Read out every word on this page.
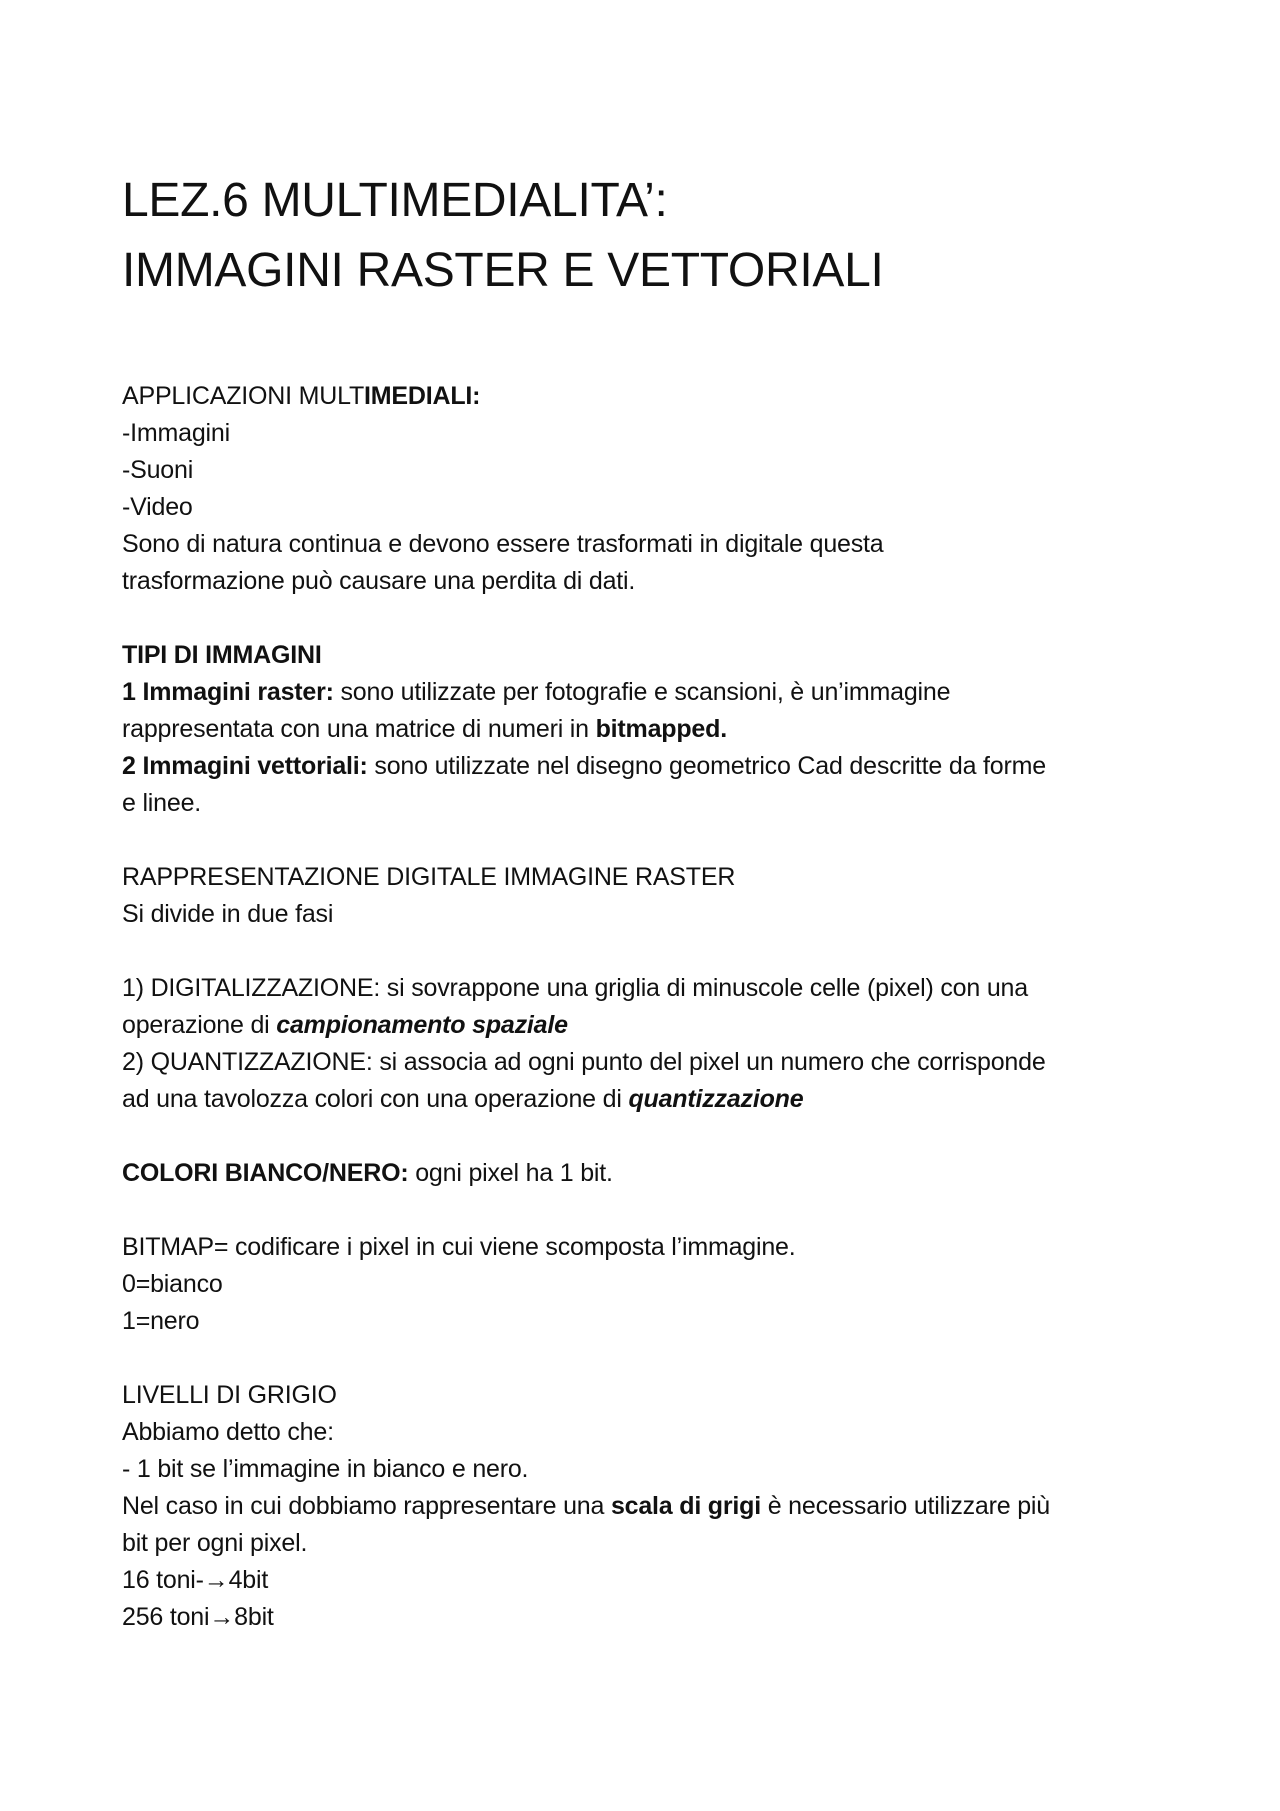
LEZ.6 MULTIMEDIALITA’:
IMMAGINI RASTER E VETTORIALI
APPLICAZIONI MULTIMEDIALI:
-Immagini
-Suoni
-Video
Sono di natura continua e devono essere trasformati in digitale questa
trasformazione può causare una perdita di dati.
TIPI DI IMMAGINI
1 Immagini raster: sono utilizzate per fotografie e scansioni, è un’immagine
rappresentata con una matrice di numeri in bitmapped.
2 Immagini vettoriali: sono utilizzate nel disegno geometrico Cad descritte da forme
e linee.
RAPPRESENTAZIONE DIGITALE IMMAGINE RASTER
Si divide in due fasi
1) DIGITALIZZAZIONE: si sovrappone una griglia di minuscole celle (pixel) con una
operazione di campionamento spaziale
2) QUANTIZZAZIONE: si associa ad ogni punto del pixel un numero che corrisponde
ad una tavolozza colori con una operazione di quantizzazione
COLORI BIANCO/NERO: ogni pixel ha 1 bit.
BITMAP= codificare i pixel in cui viene scomposta l’immagine.
0=bianco
1=nero
LIVELLI DI GRIGIO
Abbiamo detto che:
- 1 bit se l’immagine in bianco e nero.
Nel caso in cui dobbiamo rappresentare una scala di grigi è necessario utilizzare più
bit per ogni pixel.
16 toni-→4bit
256 toni→8bit
